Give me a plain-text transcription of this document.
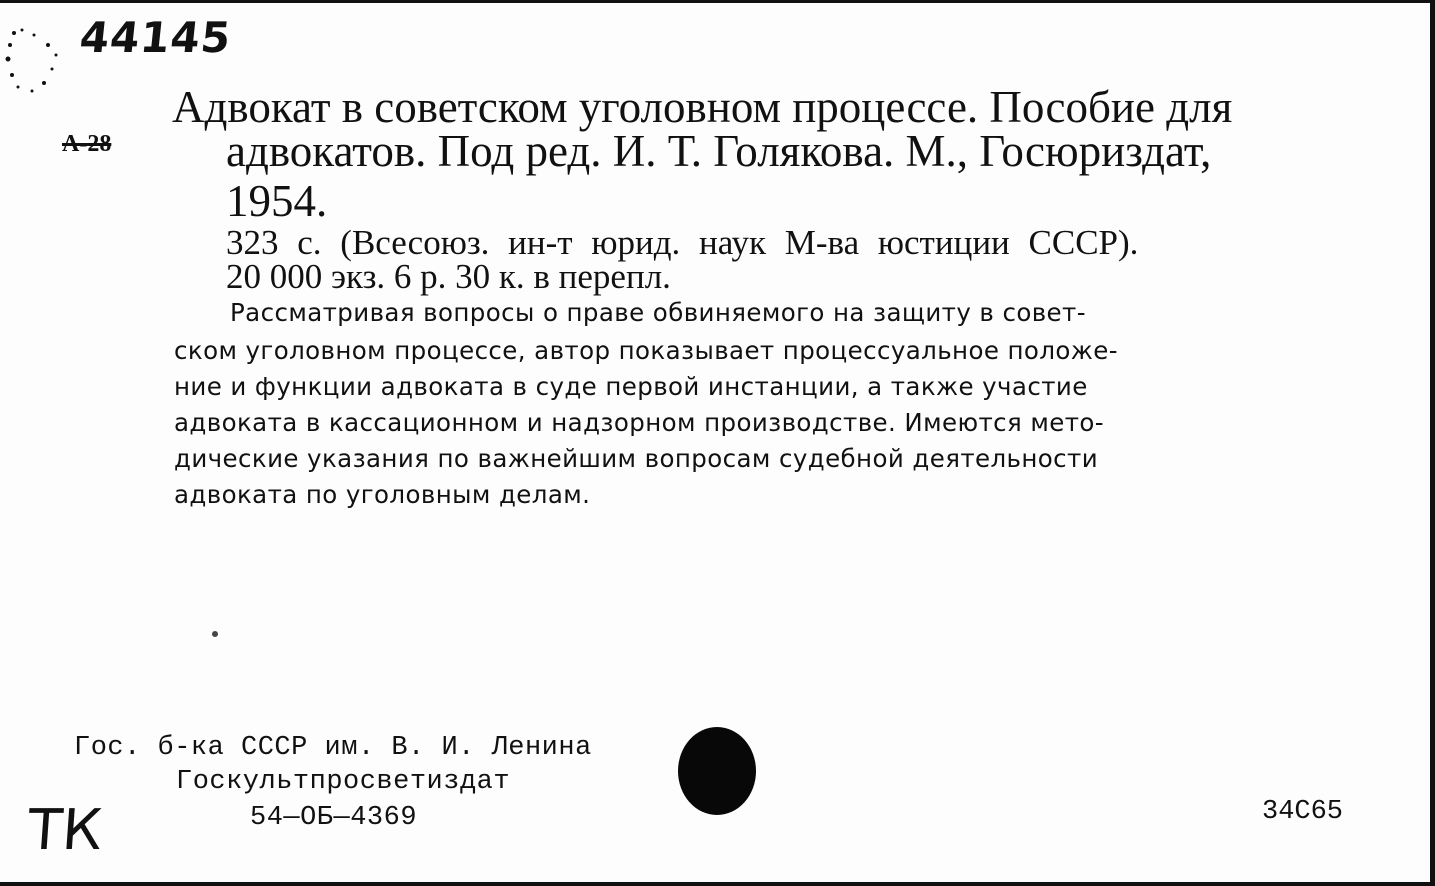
44145
А-28
Адвокат в советском уголовном процессе. Пособие для
адвокатов. Под ред. И. Т. Голякова. М., Госюриздат,
1954.
323 с. (Всесоюз. ин-т юрид. наук М-ва юстиции СССР).
20 000 экз. 6 р. 30 к. в перепл.
Рассматривая вопросы о праве обвиняемого на защиту в совет-
ском уголовном процессе, автор показывает процессуальное положе-
ние и функции адвоката в суде первой инстанции, а также участие
адвоката в кассационном и надзорном производстве. Имеются мето-
дические указания по важнейшим вопросам судебной деятельности
адвоката по уголовным делам.
Гос. б-ка СССР им. В. И. Ленина
Госкультпросветиздат
54—ОБ—4369
ТК	34С65
